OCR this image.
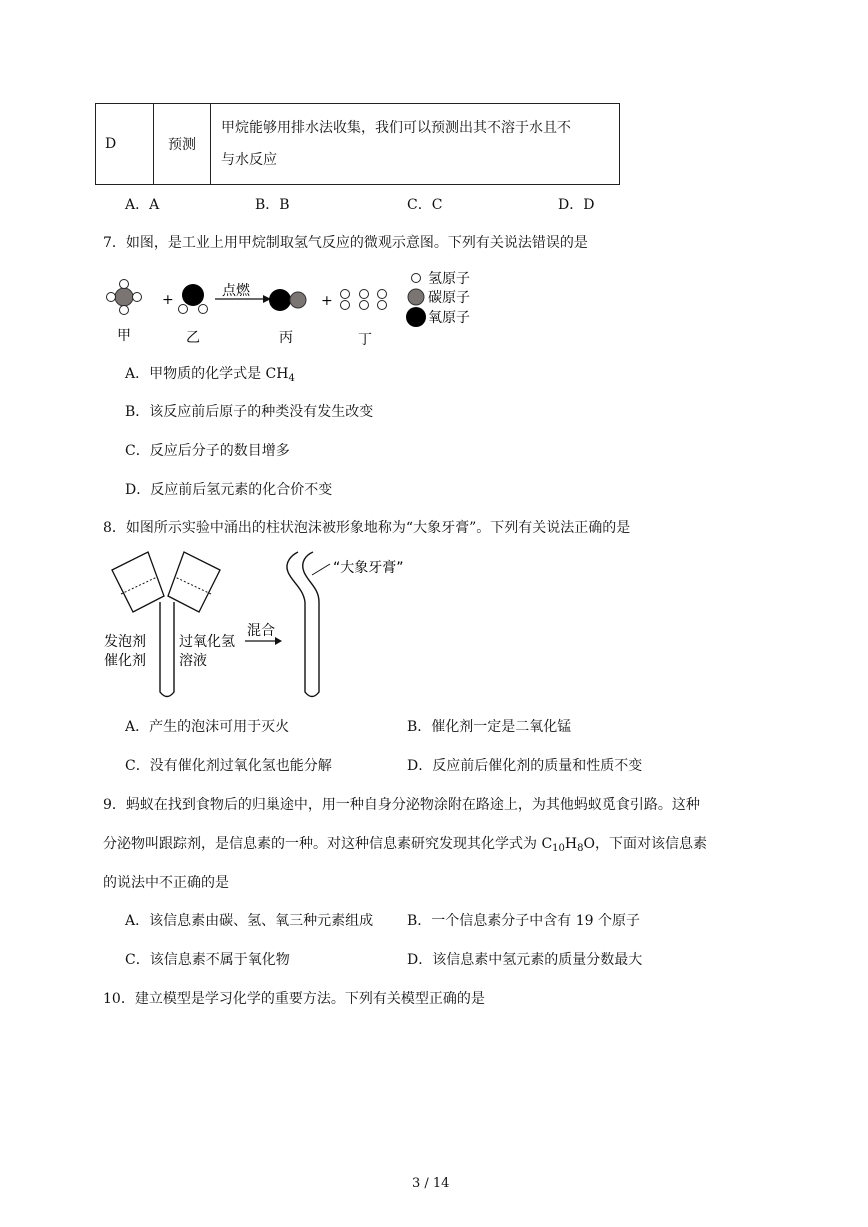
D	预测	
甲烷能够用排水法收集，我们可以预测出其不溶于水且不
与水反应
A．A	B．B	C．C	D．D
7．如图，是工业上用甲烷制取氢气反应的微观示意图。下列有关说法错误的是
+
点燃
+
氢原子
碳原子
氧原子
甲	乙	丙	丁
A．甲物质的化学式是 $CH_4$
B．该反应前后原子的种类没有发生改变
C．反应后分子的数目增多
D．反应前后氢元素的化合价不变
8．如图所示实验中涌出的柱状泡沫被形象地称为“大象牙膏”。下列有关说法正确的是
发泡剂
催化剂
过氧化氢
溶液
混合
“大象牙膏”
A．产生的泡沫可用于灭火	B．催化剂一定是二氧化锰
C．没有催化剂过氧化氢也能分解	D．反应前后催化剂的质量和性质不变
9．蚂蚁在找到食物后的归巢途中，用一种自身分泌物涂附在路途上，为其他蚂蚁觅食引路。这种
分泌物叫跟踪剂，是信息素的一种。对这种信息素研究发现其化学式为 $C_{10}H_8O$，下面对该信息素
的说法中不正确的是
A．该信息素由碳、氢、氧三种元素组成 B．一个信息素分子中含有 19 个原子
C．该信息素不属于氧化物	D．该信息素中氢元素的质量分数最大
10．建立模型是学习化学的重要方法。下列有关模型正确的是
3 / 14
